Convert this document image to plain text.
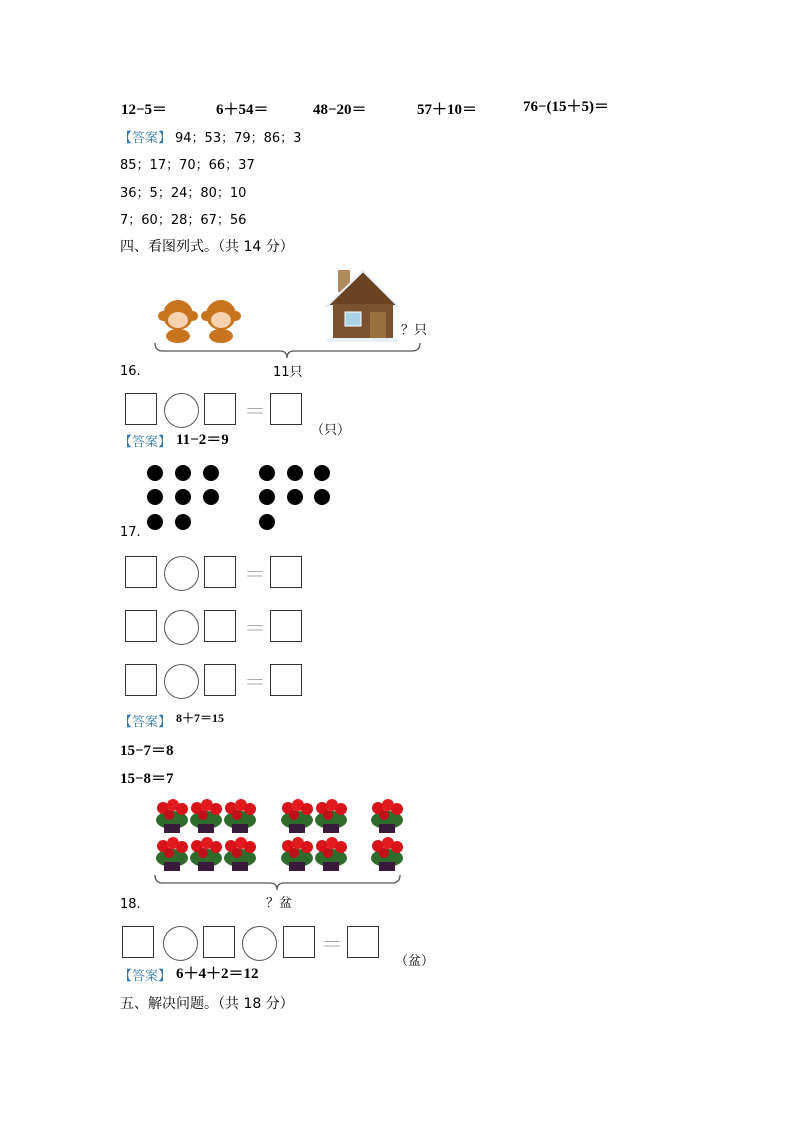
12−5＝	6＋54＝	48−20＝	57＋10＝	76−(15＋5)＝
【答案】 94；53；79；86；3
85；17；70；66；37
36；5；24；80；10
7；60；28；67；56
四、看图列式。（共 14 分）
？只
11只
16.
＝
（只）
【答案】 11−2＝9
17.
＝
＝
＝
【答案】 8＋7＝15
15−7＝8
15−8＝7
？盆
18.
＝
（盆）
【答案】 6＋4＋2＝12
五、解决问题。（共 18 分）
